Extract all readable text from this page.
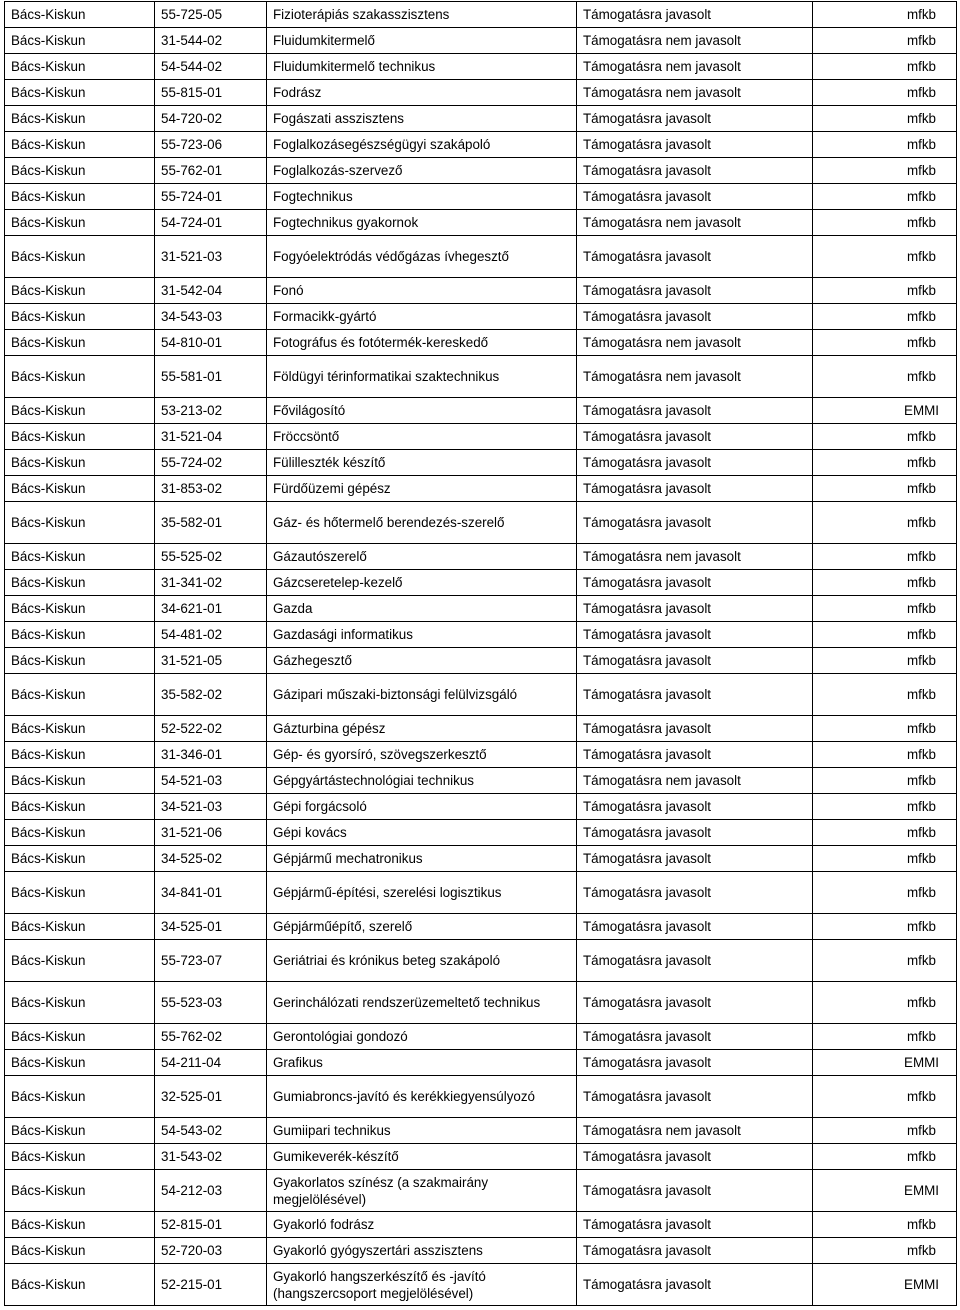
Bács-Kiskun	55-725-05	Fizioterápiás szakasszisztens	Támogatásra javasolt	mfkb
Bács-Kiskun	31-544-02	Fluidumkitermelő	Támogatásra nem javasolt	mfkb
Bács-Kiskun	54-544-02	Fluidumkitermelő technikus	Támogatásra nem javasolt	mfkb
Bács-Kiskun	55-815-01	Fodrász	Támogatásra nem javasolt	mfkb
Bács-Kiskun	54-720-02	Fogászati asszisztens	Támogatásra javasolt	mfkb
Bács-Kiskun	55-723-06	Foglalkozásegészségügyi szakápoló	Támogatásra javasolt	mfkb
Bács-Kiskun	55-762-01	Foglalkozás-szervező	Támogatásra javasolt	mfkb
Bács-Kiskun	55-724-01	Fogtechnikus	Támogatásra javasolt	mfkb
Bács-Kiskun	54-724-01	Fogtechnikus gyakornok	Támogatásra nem javasolt	mfkb
Bács-Kiskun	31-521-03	Fogyóelektródás védőgázas ívhegesztő	Támogatásra javasolt	mfkb
Bács-Kiskun	31-542-04	Fonó	Támogatásra javasolt	mfkb
Bács-Kiskun	34-543-03	Formacikk-gyártó	Támogatásra javasolt	mfkb
Bács-Kiskun	54-810-01	Fotográfus és fotótermék-kereskedő	Támogatásra nem javasolt	mfkb
Bács-Kiskun	55-581-01	Földügyi térinformatikai szaktechnikus	Támogatásra nem javasolt	mfkb
Bács-Kiskun	53-213-02	Fővilágosító	Támogatásra javasolt	EMMI
Bács-Kiskun	31-521-04	Fröccsöntő	Támogatásra javasolt	mfkb
Bács-Kiskun	55-724-02	Fülilleszték készítő	Támogatásra javasolt	mfkb
Bács-Kiskun	31-853-02	Fürdőüzemi gépész	Támogatásra javasolt	mfkb
Bács-Kiskun	35-582-01	Gáz- és hőtermelő berendezés-szerelő	Támogatásra javasolt	mfkb
Bács-Kiskun	55-525-02	Gázautószerelő	Támogatásra nem javasolt	mfkb
Bács-Kiskun	31-341-02	Gázcseretelep-kezelő	Támogatásra javasolt	mfkb
Bács-Kiskun	34-621-01	Gazda	Támogatásra javasolt	mfkb
Bács-Kiskun	54-481-02	Gazdasági informatikus	Támogatásra javasolt	mfkb
Bács-Kiskun	31-521-05	Gázhegesztő	Támogatásra javasolt	mfkb
Bács-Kiskun	35-582-02	Gázipari műszaki-biztonsági felülvizsgáló	Támogatásra javasolt	mfkb
Bács-Kiskun	52-522-02	Gázturbina gépész	Támogatásra javasolt	mfkb
Bács-Kiskun	31-346-01	Gép- és gyorsíró, szövegszerkesztő	Támogatásra javasolt	mfkb
Bács-Kiskun	54-521-03	Gépgyártástechnológiai technikus	Támogatásra nem javasolt	mfkb
Bács-Kiskun	34-521-03	Gépi forgácsoló	Támogatásra javasolt	mfkb
Bács-Kiskun	31-521-06	Gépi kovács	Támogatásra javasolt	mfkb
Bács-Kiskun	34-525-02	Gépjármű mechatronikus	Támogatásra javasolt	mfkb
Bács-Kiskun	34-841-01	Gépjármű-építési, szerelési logisztikus	Támogatásra javasolt	mfkb
Bács-Kiskun	34-525-01	Gépjárműépítő, szerelő	Támogatásra javasolt	mfkb
Bács-Kiskun	55-723-07	Geriátriai és krónikus beteg szakápoló	Támogatásra javasolt	mfkb
Bács-Kiskun	55-523-03	Gerinchálózati rendszerüzemeltető technikus	Támogatásra javasolt	mfkb
Bács-Kiskun	55-762-02	Gerontológiai gondozó	Támogatásra javasolt	mfkb
Bács-Kiskun	54-211-04	Grafikus	Támogatásra javasolt	EMMI
Bács-Kiskun	32-525-01	Gumiabroncs-javító és kerékkiegyensúlyozó	Támogatásra javasolt	mfkb
Bács-Kiskun	54-543-02	Gumiipari technikus	Támogatásra nem javasolt	mfkb
Bács-Kiskun	31-543-02	Gumikeverék-készítő	Támogatásra javasolt	mfkb
Bács-Kiskun	54-212-03	Gyakorlatos színész (a szakmairány megjelölésével)	Támogatásra javasolt	EMMI
Bács-Kiskun	52-815-01	Gyakorló fodrász	Támogatásra javasolt	mfkb
Bács-Kiskun	52-720-03	Gyakorló gyógyszertári asszisztens	Támogatásra javasolt	mfkb
Bács-Kiskun	52-215-01	Gyakorló hangszerkészítő és -javító (hangszercsoport megjelölésével)	Támogatásra javasolt	EMMI
